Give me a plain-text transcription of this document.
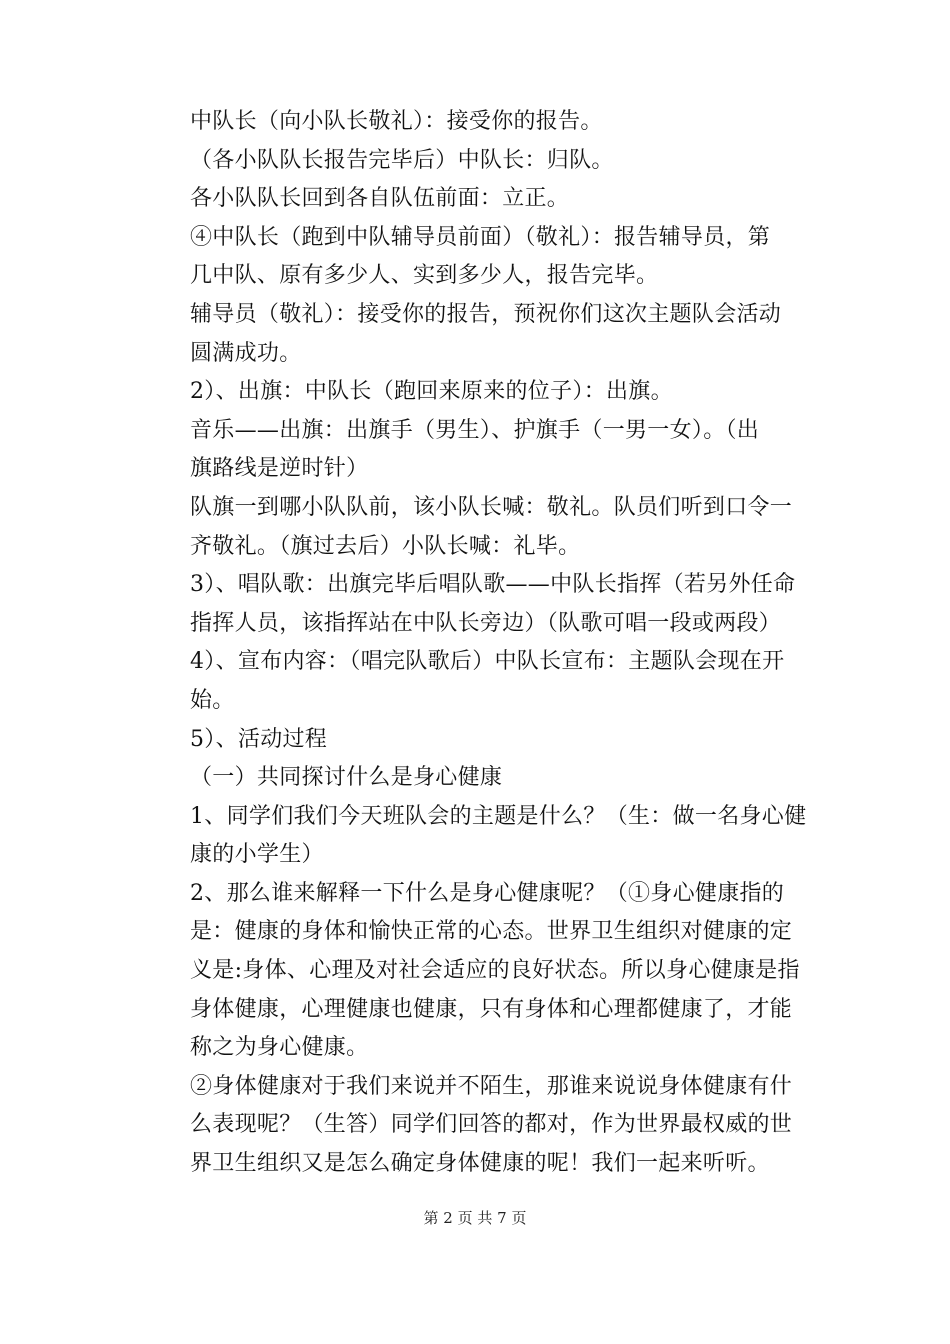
中队长（向小队长敬礼）：接受你的报告。
（各小队队长报告完毕后）中队长：归队。
各小队队长回到各自队伍前面：立正。
④中队长（跑到中队辅导员前面）（敬礼）：报告辅导员，第
几中队、原有多少人、实到多少人，报告完毕。
辅导员（敬礼）：接受你的报告，预祝你们这次主题队会活动
圆满成功。
2）、出旗：中队长（跑回来原来的位子）：出旗。
音乐——出旗：出旗手（男生）、护旗手（一男一女）。（出
旗路线是逆时针）
队旗一到哪小队队前，该小队长喊：敬礼。队员们听到口令一
齐敬礼。（旗过去后）小队长喊：礼毕。
3）、唱队歌：出旗完毕后唱队歌——中队长指挥（若另外任命
指挥人员，该指挥站在中队长旁边）（队歌可唱一段或两段）
4）、宣布内容：（唱完队歌后）中队长宣布：主题队会现在开
始。
5）、活动过程
（一）共同探讨什么是身心健康
1、同学们我们今天班队会的主题是什么？（生：做一名身心健
康的小学生）
2、那么谁来解释一下什么是身心健康呢？（①身心健康指的
是：健康的身体和愉快正常的心态。世界卫生组织对健康的定
义是:身体、心理及对社会适应的良好状态。所以身心健康是指
身体健康，心理健康也健康，只有身体和心理都健康了，才能
称之为身心健康。
②身体健康对于我们来说并不陌生，那谁来说说身体健康有什
么表现呢？（生答）同学们回答的都对，作为世界最权威的世
界卫生组织又是怎么确定身体健康的呢！我们一起来听听。
第 2 页 共 7 页
